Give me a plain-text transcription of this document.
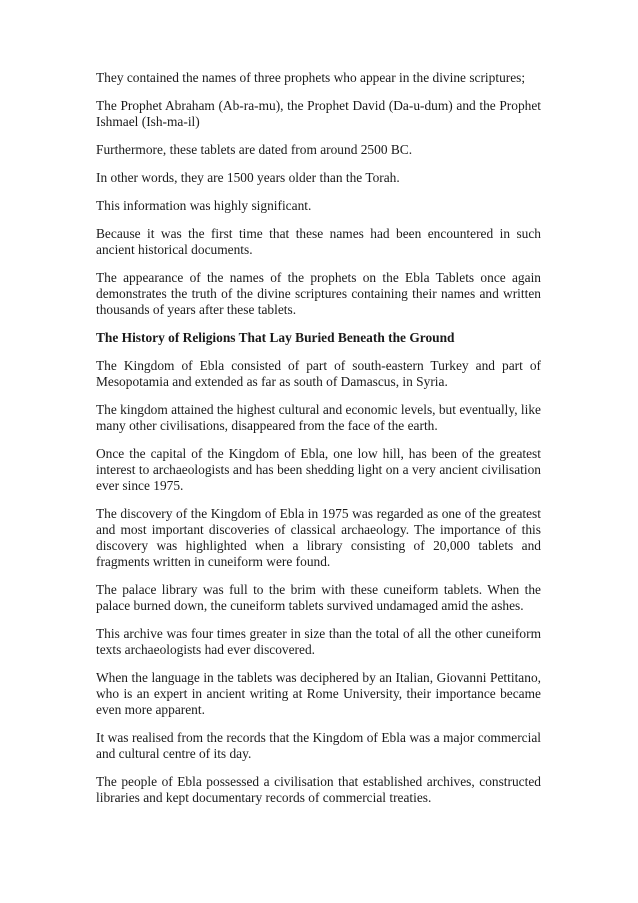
They contained the names of three prophets who appear in the divine scriptures;

The Prophet Abraham (Ab-ra-mu), the Prophet David (Da-u-dum) and the Prophet Ishmael (Ish-ma-il)

Furthermore, these tablets are dated from around 2500 BC.

In other words, they are 1500 years older than the Torah.

This information was highly significant.

Because it was the first time that these names had been encountered in such ancient historical documents.

The appearance of the names of the prophets on the Ebla Tablets once again demonstrates the truth of the divine scriptures containing their names and written thousands of years after these tablets.

The History of Religions That Lay Buried Beneath the Ground

The Kingdom of Ebla consisted of part of south-eastern Turkey and part of Mesopotamia and extended as far as south of Damascus, in Syria.

The kingdom attained the highest cultural and economic levels, but eventually, like many other civilisations, disappeared from the face of the earth.

Once the capital of the Kingdom of Ebla, one low hill, has been of the greatest interest to archaeologists and has been shedding light on a very ancient civilisation ever since 1975.

The discovery of the Kingdom of Ebla in 1975 was regarded as one of the greatest and most important discoveries of classical archaeology. The importance of this discovery was highlighted when a library consisting of 20,000 tablets and fragments written in cuneiform were found.

The palace library was full to the brim with these cuneiform tablets. When the palace burned down, the cuneiform tablets survived undamaged amid the ashes.

This archive was four times greater in size than the total of all the other cuneiform texts archaeologists had ever discovered.

When the language in the tablets was deciphered by an Italian, Giovanni Pettitano, who is an expert in ancient writing at Rome University, their importance became even more apparent.

It was realised from the records that the Kingdom of Ebla was a major commercial and cultural centre of its day.

The people of Ebla possessed a civilisation that established archives, constructed libraries and kept documentary records of commercial treaties.
